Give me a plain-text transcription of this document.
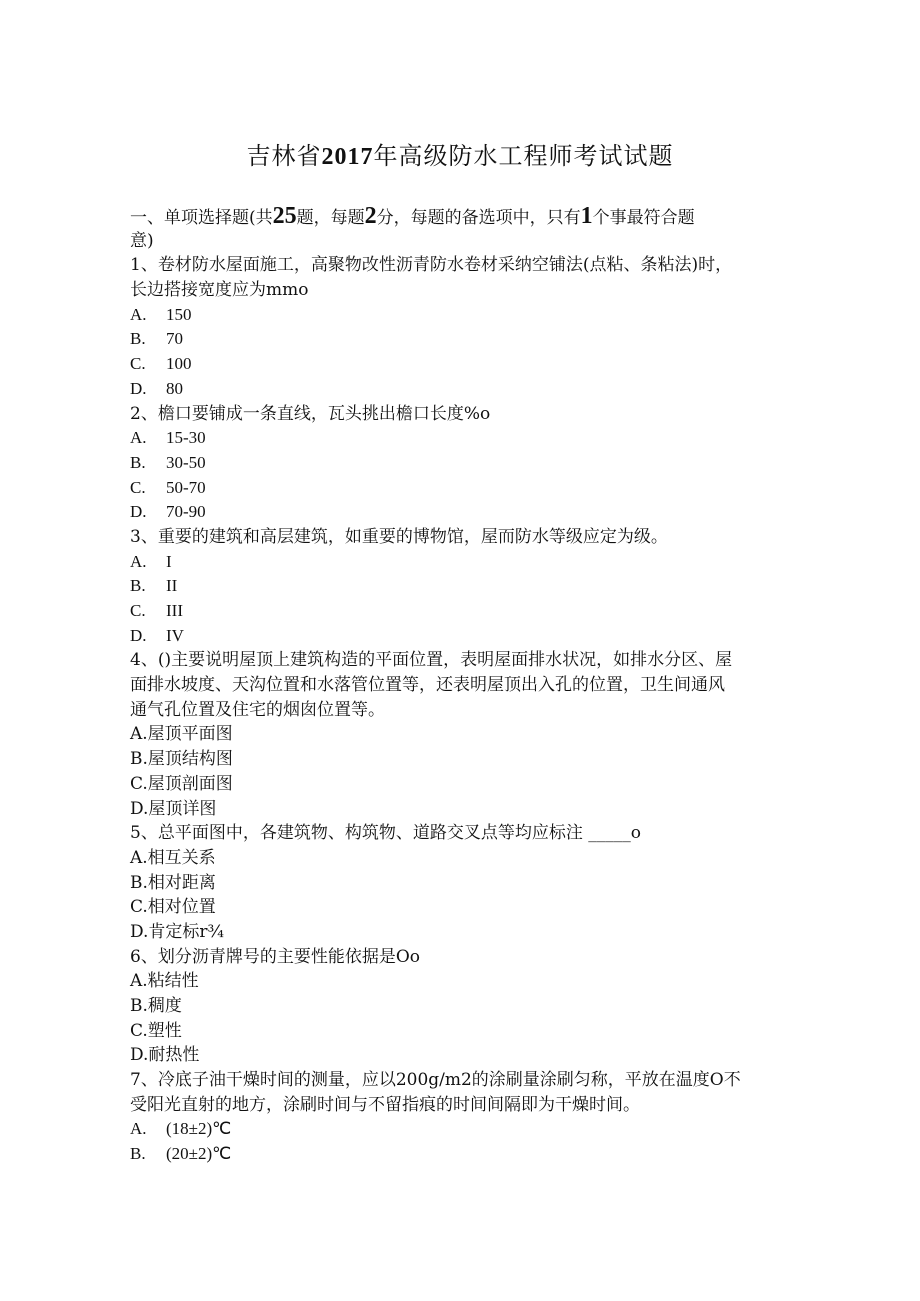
吉林省2017年高级防水工程师考试试题
一、单项选择题(共25题，每题2分，每题的备选项中，只有1个事最符合题
意)
1、卷材防水屋面施工，高聚物改性沥青防水卷材采纳空铺法(点粘、条粘法)时，
长边搭接宽度应为mmo
A. 150
B. 70
C. 100
D. 80
2、檐口要铺成一条直线，瓦头挑出檐口长度%o
A. 15-30
B. 30-50
C. 50-70
D. 70-90
3、重要的建筑和高层建筑，如重要的博物馆，屋而防水等级应定为级。
A. I
B. II
C. III
D. IV
4、()主要说明屋顶上建筑构造的平面位置，表明屋面排水状况，如排水分区、屋
面排水坡度、天沟位置和水落管位置等，还表明屋顶出入孔的位置，卫生间通风
通气孔位置及住宅的烟囱位置等。
A.屋顶平面图
B.屋顶结构图
C.屋顶剖面图
D.屋顶详图
5、总平面图中，各建筑物、构筑物、道路交叉点等均应标注 _____o
A.相互关系
B.相对距离
C.相对位置
D.肯定标r¾
6、划分沥青牌号的主要性能依据是Oo
A.粘结性
B.稠度
C.塑性
D.耐热性
7、冷底子油干燥时间的测量，应以200g/m2的涂刷量涂刷匀称，平放在温度O不
受阳光直射的地方，涂刷时间与不留指痕的时间间隔即为干燥时间。
A. (18±2)℃
B. (20±2)℃
